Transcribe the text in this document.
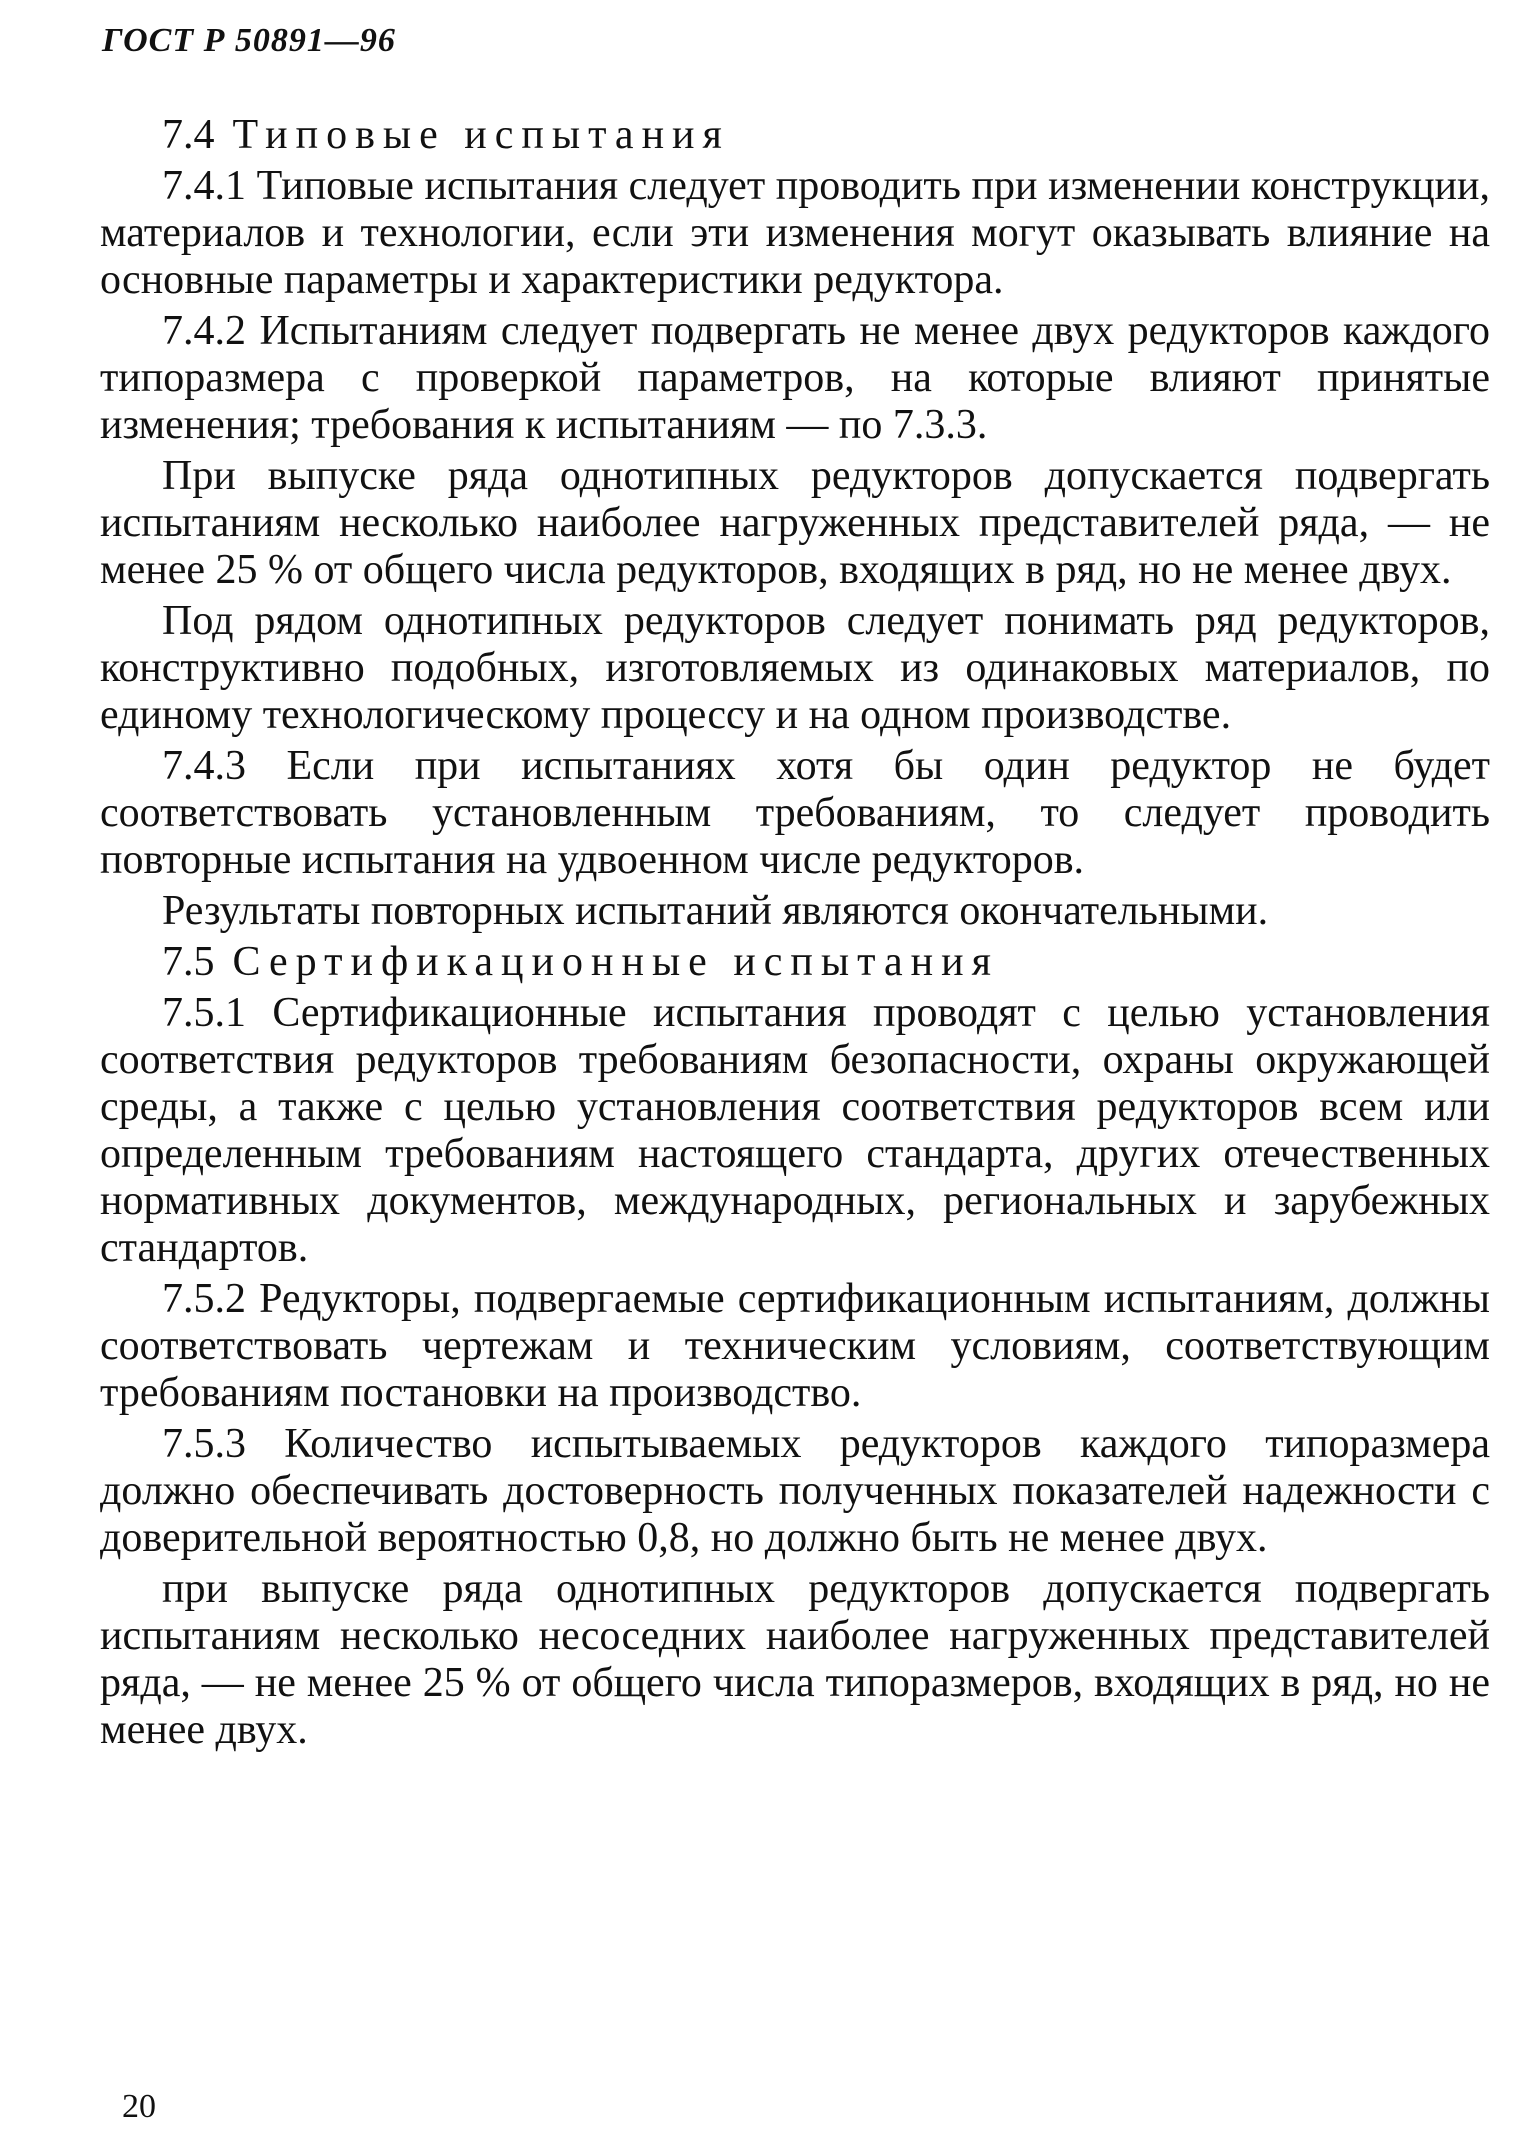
ГОСТ Р 50891—96

7.4 Типовые испытания

7.4.1 Типовые испытания следует проводить при изменении конструкции, материалов и технологии, если эти изменения могут оказывать влияние на основные параметры и характеристики редуктора.

7.4.2 Испытаниям следует подвергать не менее двух редукторов каждого типоразмера с проверкой параметров, на которые влияют принятые изменения; требования к испытаниям — по 7.3.3.

При выпуске ряда однотипных редукторов допускается подвергать испытаниям несколько наиболее нагруженных представителей ряда, — не менее 25 % от общего числа редукторов, входящих в ряд, но не менее двух.

Под рядом однотипных редукторов следует понимать ряд редукторов, конструктивно подобных, изготовляемых из одинаковых материалов, по единому технологическому процессу и на одном производстве.

7.4.3 Если при испытаниях хотя бы один редуктор не будет соответствовать установленным требованиям, то следует проводить повторные испытания на удвоенном числе редукторов.

Результаты повторных испытаний являются окончательными.

7.5 Сертификационные испытания

7.5.1 Сертификационные испытания проводят с целью установления соответствия редукторов требованиям безопасности, охраны окружающей среды, а также с целью установления соответствия редукторов всем или определенным требованиям настоящего стандарта, других отечественных нормативных документов, международных, региональных и зарубежных стандартов.

7.5.2 Редукторы, подвергаемые сертификационным испытаниям, должны соответствовать чертежам и техническим условиям, соответствующим требованиям постановки на производство.

7.5.3 Количество испытываемых редукторов каждого типоразмера должно обеспечивать достоверность полученных показателей надежности с доверительной вероятностью 0,8, но должно быть не менее двух.

при выпуске ряда однотипных редукторов допускается подвергать испытаниям несколько несоседних наиболее нагруженных представителей ряда, — не менее 25 % от общего числа типоразмеров, входящих в ряд, но не менее двух.

20
